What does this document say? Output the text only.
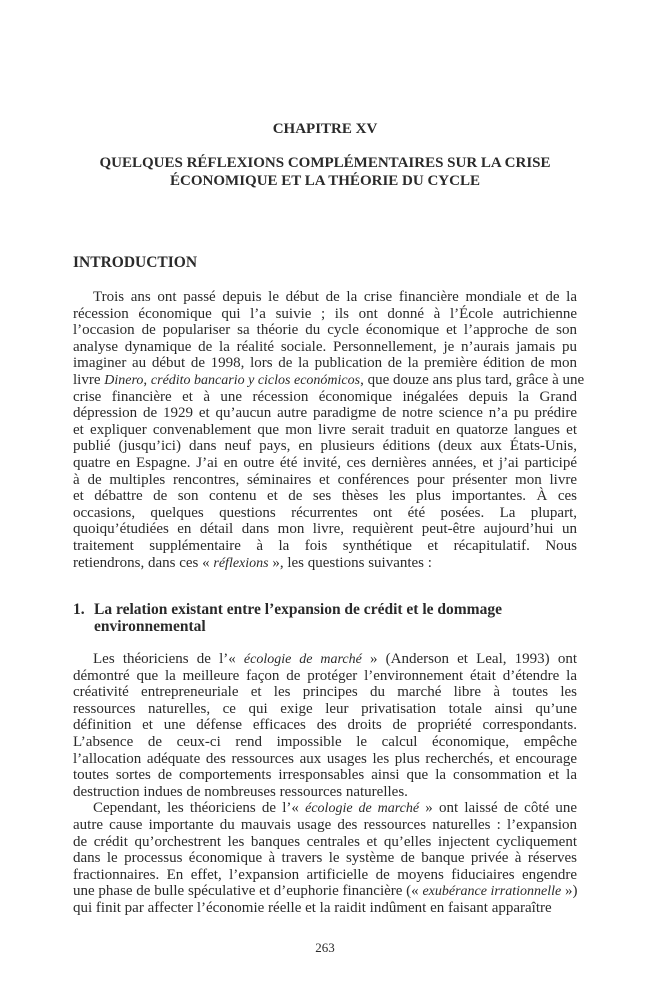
CHAPITRE XV
QUELQUES RÉFLEXIONS COMPLÉMENTAIRES SUR LA CRISE
ÉCONOMIQUE ET LA THÉORIE DU CYCLE
INTRODUCTION
Trois ans ont passé depuis le début de la crise financière mondiale et de la
récession économique qui l’a suivie ; ils ont donné à l’École autrichienne
l’occasion de populariser sa théorie du cycle économique et l’approche de son
analyse dynamique de la réalité sociale. Personnellement, je n’aurais jamais pu
imaginer au début de 1998, lors de la publication de la première édition de mon
livre Dinero, crédito bancario y ciclos económicos, que douze ans plus tard, grâce à une
crise financière et à une récession économique inégalées depuis la Grand
dépression de 1929 et qu’aucun autre paradigme de notre science n’a pu prédire
et expliquer convenablement que mon livre serait traduit en quatorze langues et
publié (jusqu’ici) dans neuf pays, en plusieurs éditions (deux aux États-Unis,
quatre en Espagne. J’ai en outre été invité, ces dernières années, et j’ai participé
à de multiples rencontres, séminaires et conférences pour présenter mon livre
et débattre de son contenu et de ses thèses les plus importantes. À ces
occasions, quelques questions récurrentes ont été posées. La plupart,
quoiqu’étudiées en détail dans mon livre, requièrent peut-être aujourd’hui un
traitement supplémentaire à la fois synthétique et récapitulatif. Nous
retiendrons, dans ces « réflexions », les questions suivantes :
1. La relation existant entre l’expansion de crédit et le dommage
environnemental
Les théoriciens de l’« écologie de marché » (Anderson et Leal, 1993) ont
démontré que la meilleure façon de protéger l’environnement était d’étendre la
créativité entrepreneuriale et les principes du marché libre à toutes les
ressources naturelles, ce qui exige leur privatisation totale ainsi qu’une
définition et une défense efficaces des droits de propriété correspondants.
L’absence de ceux-ci rend impossible le calcul économique, empêche
l’allocation adéquate des ressources aux usages les plus recherchés, et encourage
toutes sortes de comportements irresponsables ainsi que la consommation et la
destruction indues de nombreuses ressources naturelles.
Cependant, les théoriciens de l’« écologie de marché » ont laissé de côté une
autre cause importante du mauvais usage des ressources naturelles : l’expansion
de crédit qu’orchestrent les banques centrales et qu’elles injectent cycliquement
dans le processus économique à travers le système de banque privée à réserves
fractionnaires. En effet, l’expansion artificielle de moyens fiduciaires engendre
une phase de bulle spéculative et d’euphorie financière (« exubérance irrationnelle »)
qui finit par affecter l’économie réelle et la raidit indûment en faisant apparaître
263
